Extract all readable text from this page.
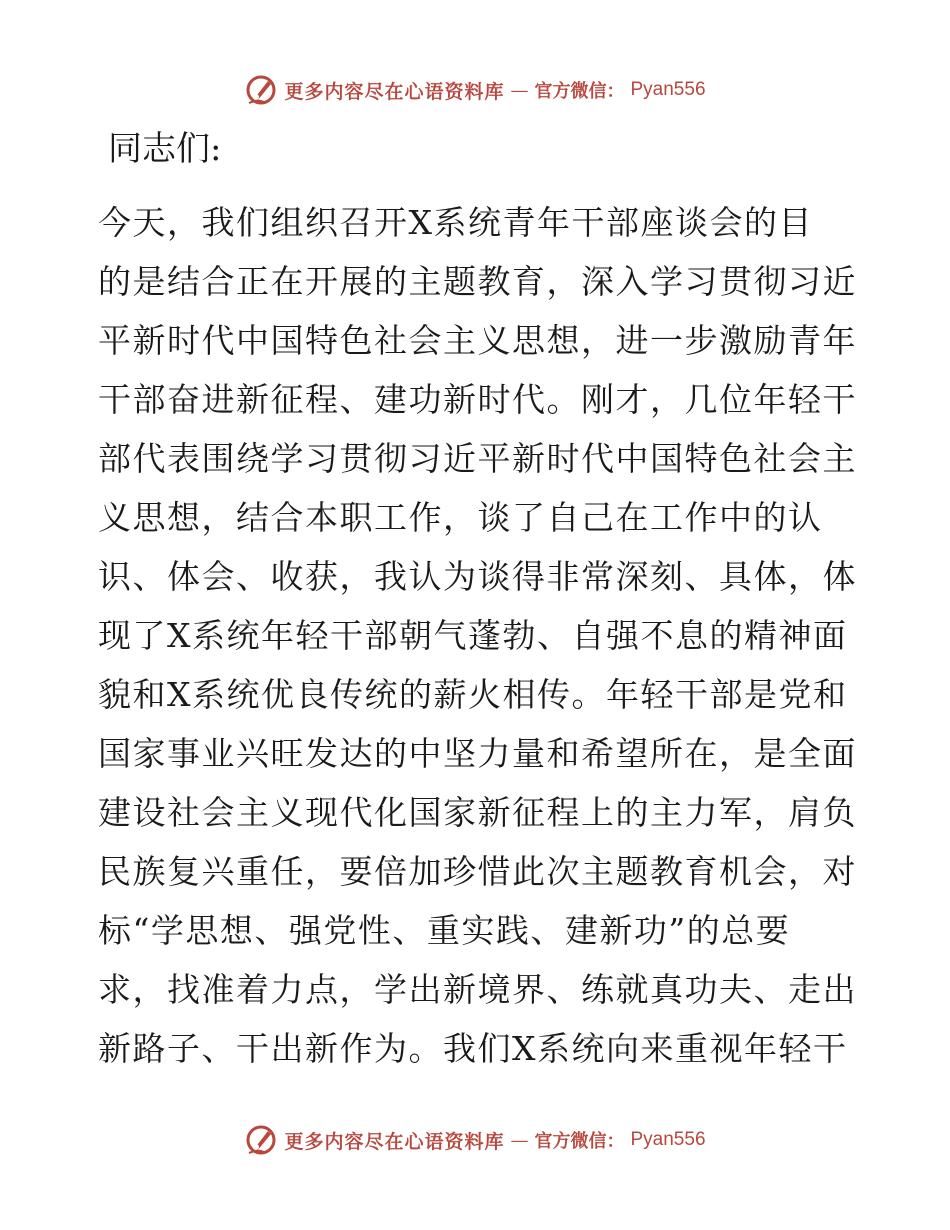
更多内容尽在心语资料库 — 官方微信： Pyan556

同志们:

今天，我们组织召开X系统青年干部座谈会的目
的是结合正在开展的主题教育，深入学习贯彻习近
平新时代中国特色社会主义思想，进一步激励青年
干部奋进新征程、建功新时代。刚才，几位年轻干
部代表围绕学习贯彻习近平新时代中国特色社会主
义思想，结合本职工作，谈了自己在工作中的认
识、体会、收获，我认为谈得非常深刻、具体，体
现了X系统年轻干部朝气蓬勃、自强不息的精神面
貌和X系统优良传统的薪火相传。年轻干部是党和
国家事业兴旺发达的中坚力量和希望所在，是全面
建设社会主义现代化国家新征程上的主力军，肩负
民族复兴重任，要倍加珍惜此次主题教育机会，对
标“学思想、强党性、重实践、建新功”的总要
求，找准着力点，学出新境界、练就真功夫、走出
新路子、干出新作为。我们X系统向来重视年轻干
更多内容尽在心语资料库 — 官方微信： Pyan556
